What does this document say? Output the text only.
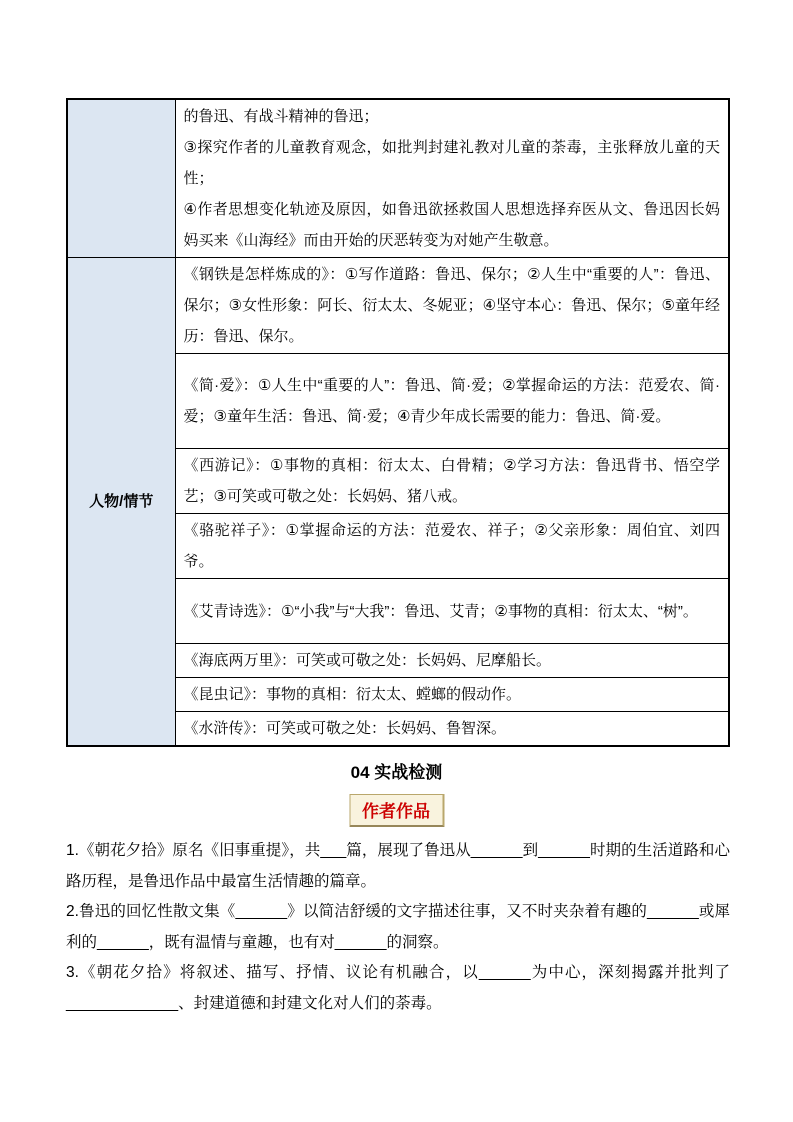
	的鲁迅、有战斗精神的鲁迅；
③探究作者的儿童教育观念，如批判封建礼教对儿童的荼毒，主张释放儿童的天性；
④作者思想变化轨迹及原因，如鲁迅欲拯救国人思想选择弃医从文、鲁迅因长妈妈买来《山海经》而由开始的厌恶转变为对她产生敬意。

人物/情节	《钢铁是怎样炼成的》：①写作道路：鲁迅、保尔；②人生中“重要的人”：鲁迅、保尔；③女性形象：阿长、衍太太、冬妮亚；④坚守本心：鲁迅、保尔；⑤童年经历：鲁迅、保尔。
	《简·爱》：①人生中“重要的人”：鲁迅、简·爱；②掌握命运的方法：范爱农、简·爱；③童年生活：鲁迅、简·爱；④青少年成长需要的能力：鲁迅、简·爱。
	《西游记》：①事物的真相：衍太太、白骨精；②学习方法：鲁迅背书、悟空学艺；③可笑或可敬之处：长妈妈、猪八戒。
	《骆驼祥子》：①掌握命运的方法：范爱农、祥子；②父亲形象：周伯宜、刘四爷。
	《艾青诗选》：①“小我”与“大我”：鲁迅、艾青；②事物的真相：衍太太、“树”。
	《海底两万里》：可笑或可敬之处：长妈妈、尼摩船长。
	《昆虫记》：事物的真相：衍太太、螳螂的假动作。
	《水浒传》：可笑或可敬之处：长妈妈、鲁智深。
04 实战检测
作者作品

1.《朝花夕拾》原名《旧事重提》，共___篇，展现了鲁迅从______到______时期的生活道路和心路历程，是鲁迅作品中最富生活情趣的篇章。

2.鲁迅的回忆性散文集《______》以简洁舒缓的文字描述往事，又不时夹杂着有趣的______或犀利的______，既有温情与童趣，也有对______的洞察。

3.《朝花夕拾》将叙述、描写、抒情、议论有机融合，以______为中心，深刻揭露并批判了_____________、封建道德和封建文化对人们的荼毒。
